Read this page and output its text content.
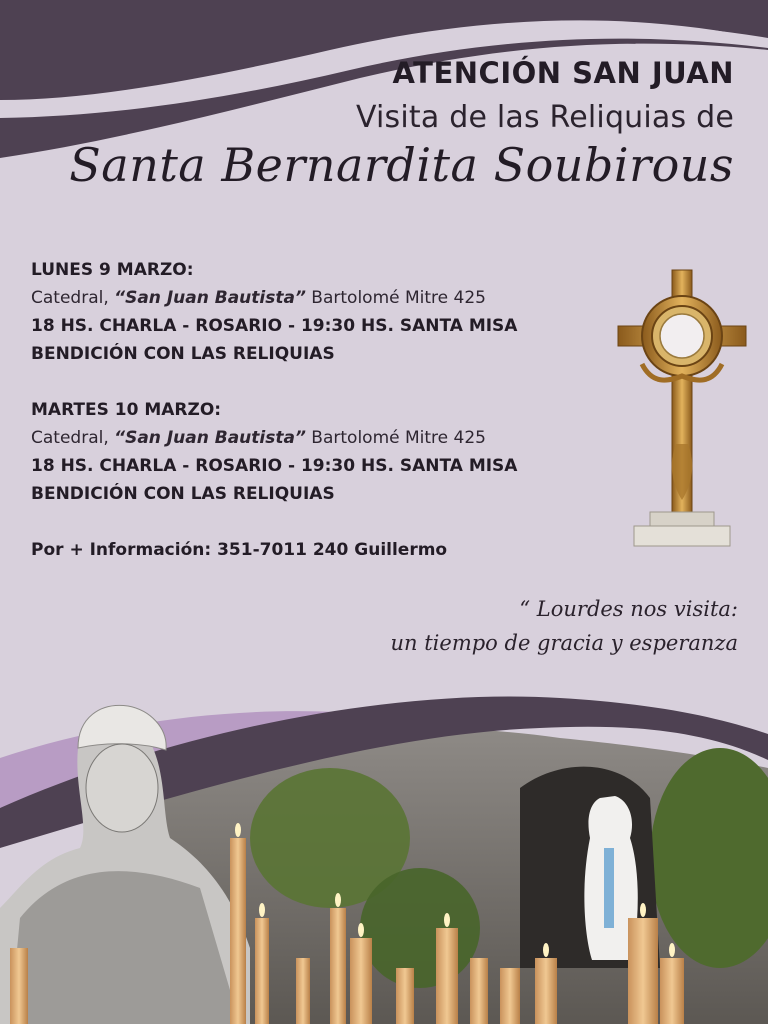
ATENCIÓN SAN JUAN
Visita de las Reliquias de
Santa Bernardita Soubirous
LUNES 9 MARZO:
Catedral, “San Juan Bautista” Bartolomé Mitre 425
18 HS. CHARLA - ROSARIO - 19:30 HS. SANTA MISA
BENDICIÓN CON LAS RELIQUIAS
MARTES 10 MARZO:
Catedral, “San Juan Bautista” Bartolomé Mitre 425
18 HS. CHARLA - ROSARIO - 19:30 HS. SANTA MISA
BENDICIÓN CON LAS RELIQUIAS
Por + Información: 351-7011 240 Guillermo
“ Lourdes nos visita:
un tiempo de gracia y esperanza
